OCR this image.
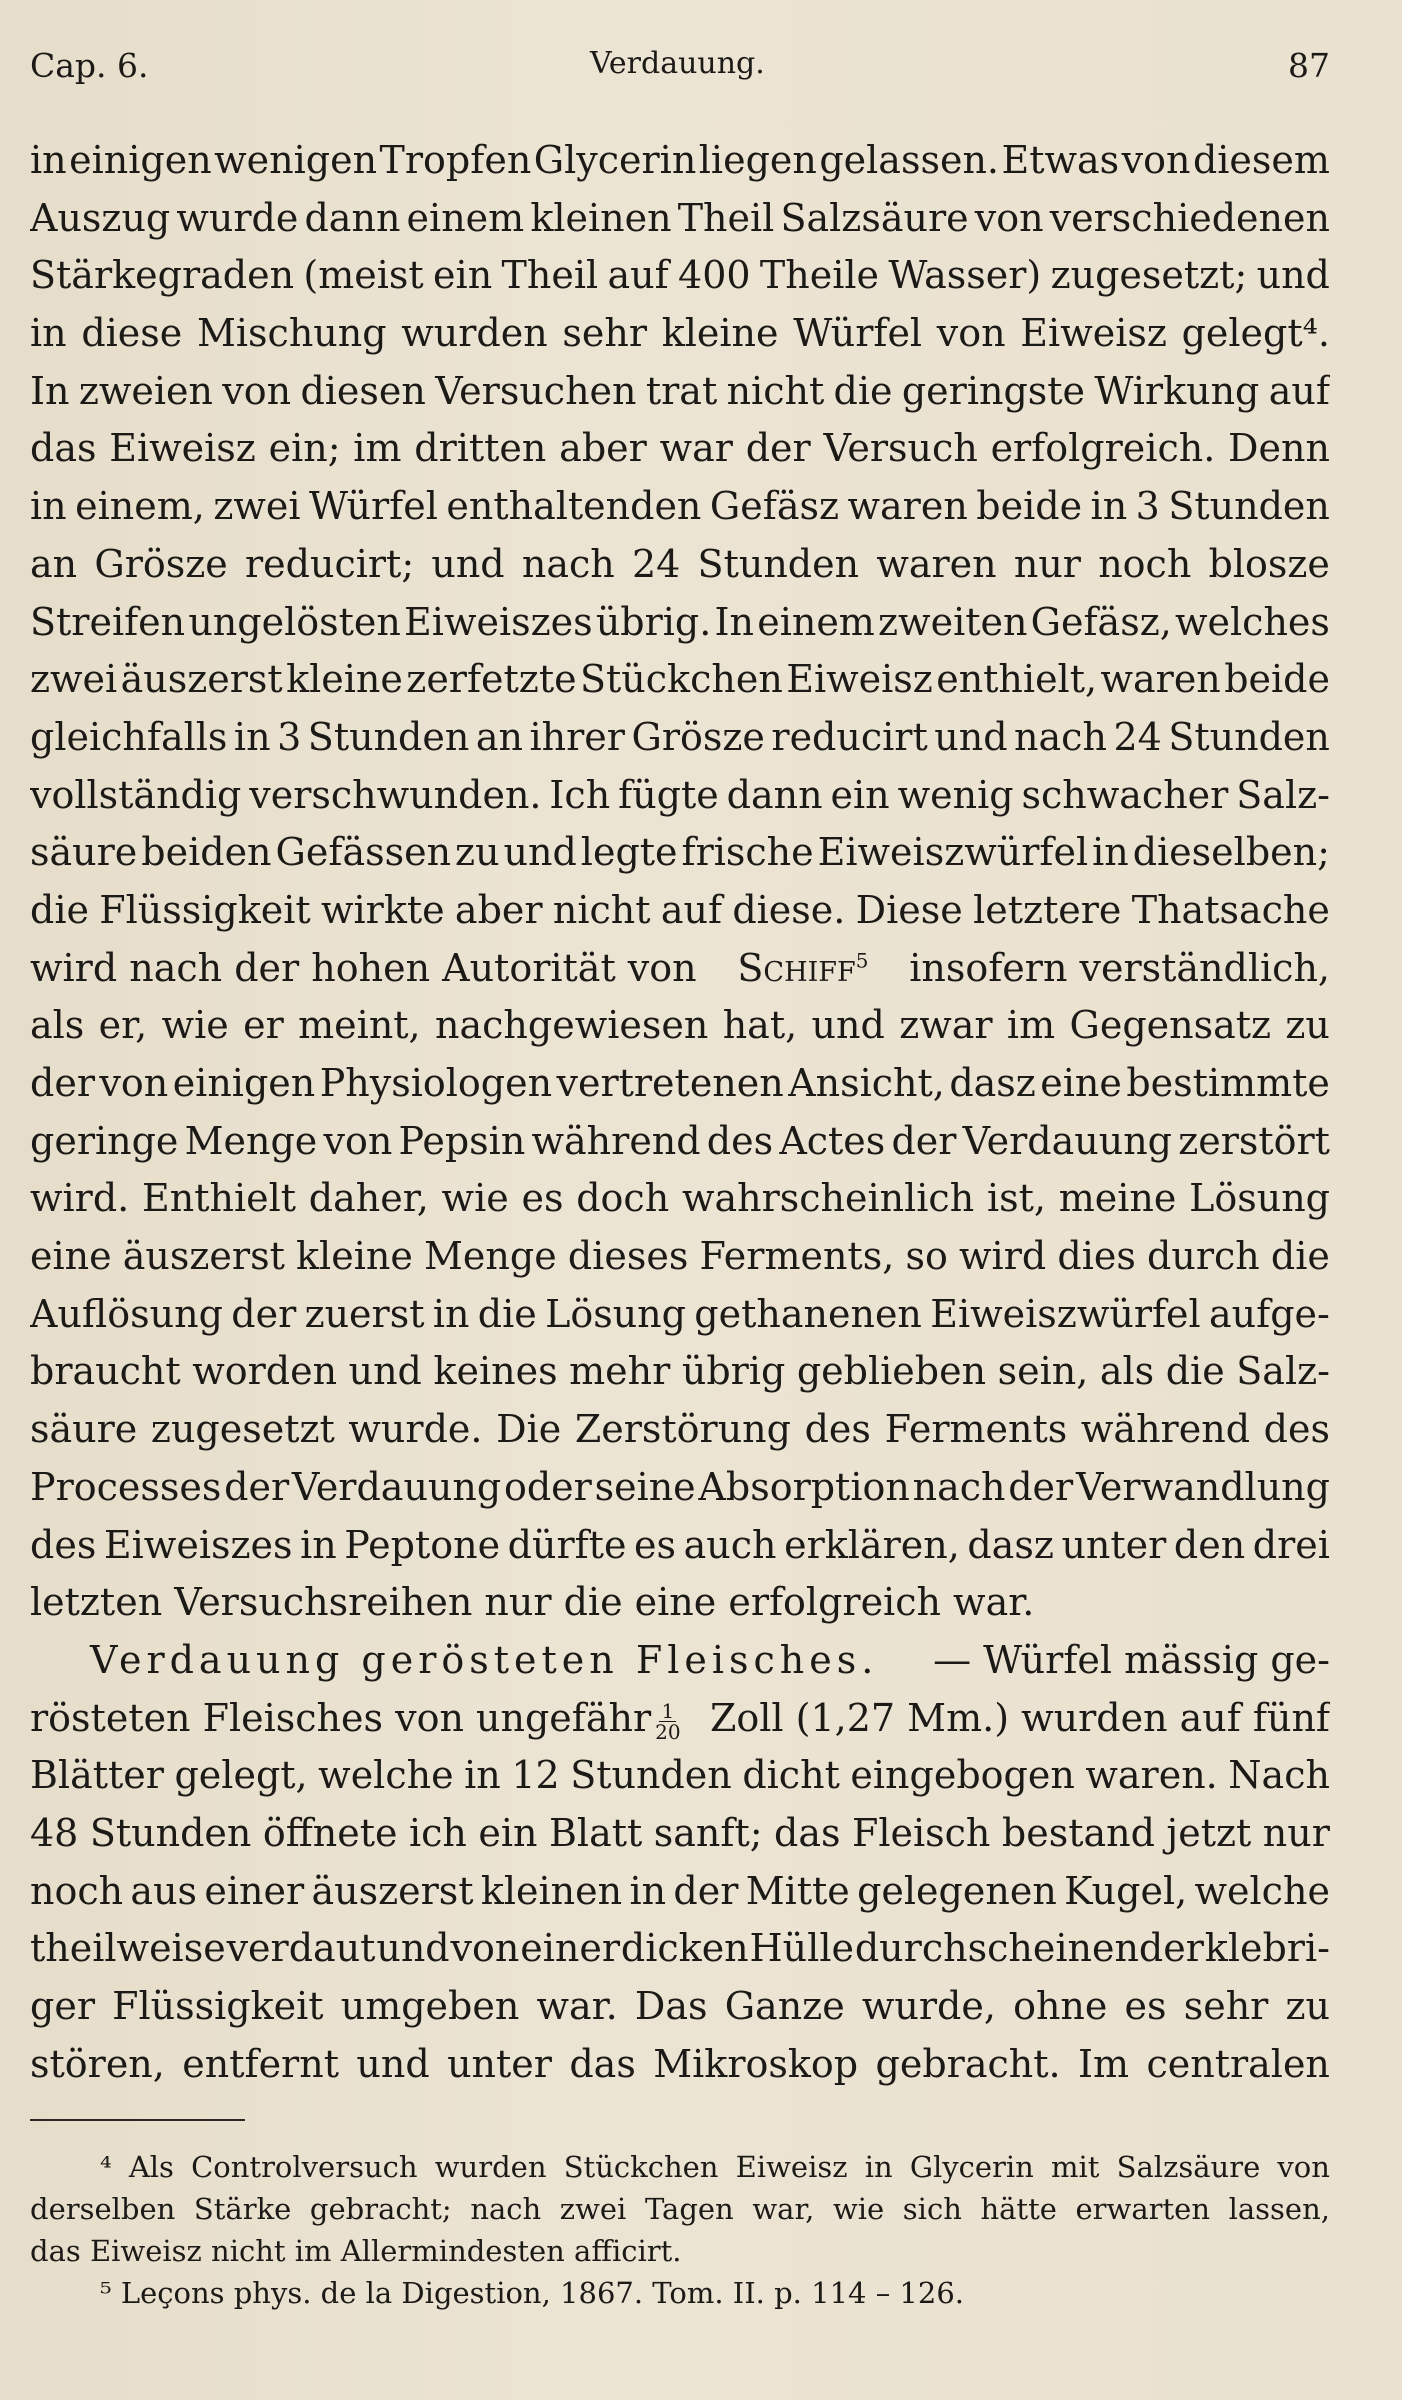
Cap. 6.	Verdauung.	87
in einigen wenigen Tropfen Glycerin liegen gelassen. Etwas von diesem
Auszug wurde dann einem kleinen Theil Salzsäure von verschiedenen
Stärkegraden (meist ein Theil auf 400 Theile Wasser) zugesetzt; und
in diese Mischung wurden sehr kleine Würfel von Eiweisz gelegt⁴.
In zweien von diesen Versuchen trat nicht die geringste Wirkung auf
das Eiweisz ein; im dritten aber war der Versuch erfolgreich. Denn
in einem, zwei Würfel enthaltenden Gefäsz waren beide in 3 Stunden
an Grösze reducirt; und nach 24 Stunden waren nur noch blosze
Streifen ungelösten Eiweiszes übrig. In einem zweiten Gefäsz, welches
zwei äuszerst kleine zerfetzte Stückchen Eiweisz enthielt, waren beide
gleichfalls in 3 Stunden an ihrer Grösze reducirt und nach 24 Stunden
vollständig verschwunden. Ich fügte dann ein wenig schwacher Salz-
säure beiden Gefässen zu und legte frische Eiweiszwürfel in dieselben;
die Flüssigkeit wirkte aber nicht auf diese. Diese letztere Thatsache
wird nach der hohen Autorität von Schiff$^5$ insofern verständlich,
als er, wie er meint, nachgewiesen hat, und zwar im Gegensatz zu
der von einigen Physiologen vertretenen Ansicht, dasz eine bestimmte
geringe Menge von Pepsin während des Actes der Verdauung zerstört
wird. Enthielt daher, wie es doch wahrscheinlich ist, meine Lösung
eine äuszerst kleine Menge dieses Ferments, so wird dies durch die
Auflösung der zuerst in die Lösung gethanenen Eiweiszwürfel aufge-
braucht worden und keines mehr übrig geblieben sein, als die Salz-
säure zugesetzt wurde. Die Zerstörung des Ferments während des
Processes der Verdauung oder seine Absorption nach der Verwandlung
des Eiweiszes in Peptone dürfte es auch erklären, dasz unter den drei
letzten Versuchsreihen nur die eine erfolgreich war.
Verdauung gerösteten Fleisches. — Würfel mässig ge-
rösteten Fleisches von ungefähr $\frac{1}{20}$ Zoll (1,27 Mm.) wurden auf fünf
Blätter gelegt, welche in 12 Stunden dicht eingebogen waren. Nach
48 Stunden öffnete ich ein Blatt sanft; das Fleisch bestand jetzt nur
noch aus einer äuszerst kleinen in der Mitte gelegenen Kugel, welche
theilweise verdaut und von einer dicken Hülle durchscheinender klebri-
ger Flüssigkeit umgeben war. Das Ganze wurde, ohne es sehr zu
stören, entfernt und unter das Mikroskop gebracht. Im centralen
⁴ Als Controlversuch wurden Stückchen Eiweisz in Glycerin mit Salzsäure von
derselben Stärke gebracht; nach zwei Tagen war, wie sich hätte erwarten lassen,
das Eiweisz nicht im Allermindesten afficirt.
⁵ Leçons phys. de la Digestion, 1867. Tom. II. p. 114 – 126.
